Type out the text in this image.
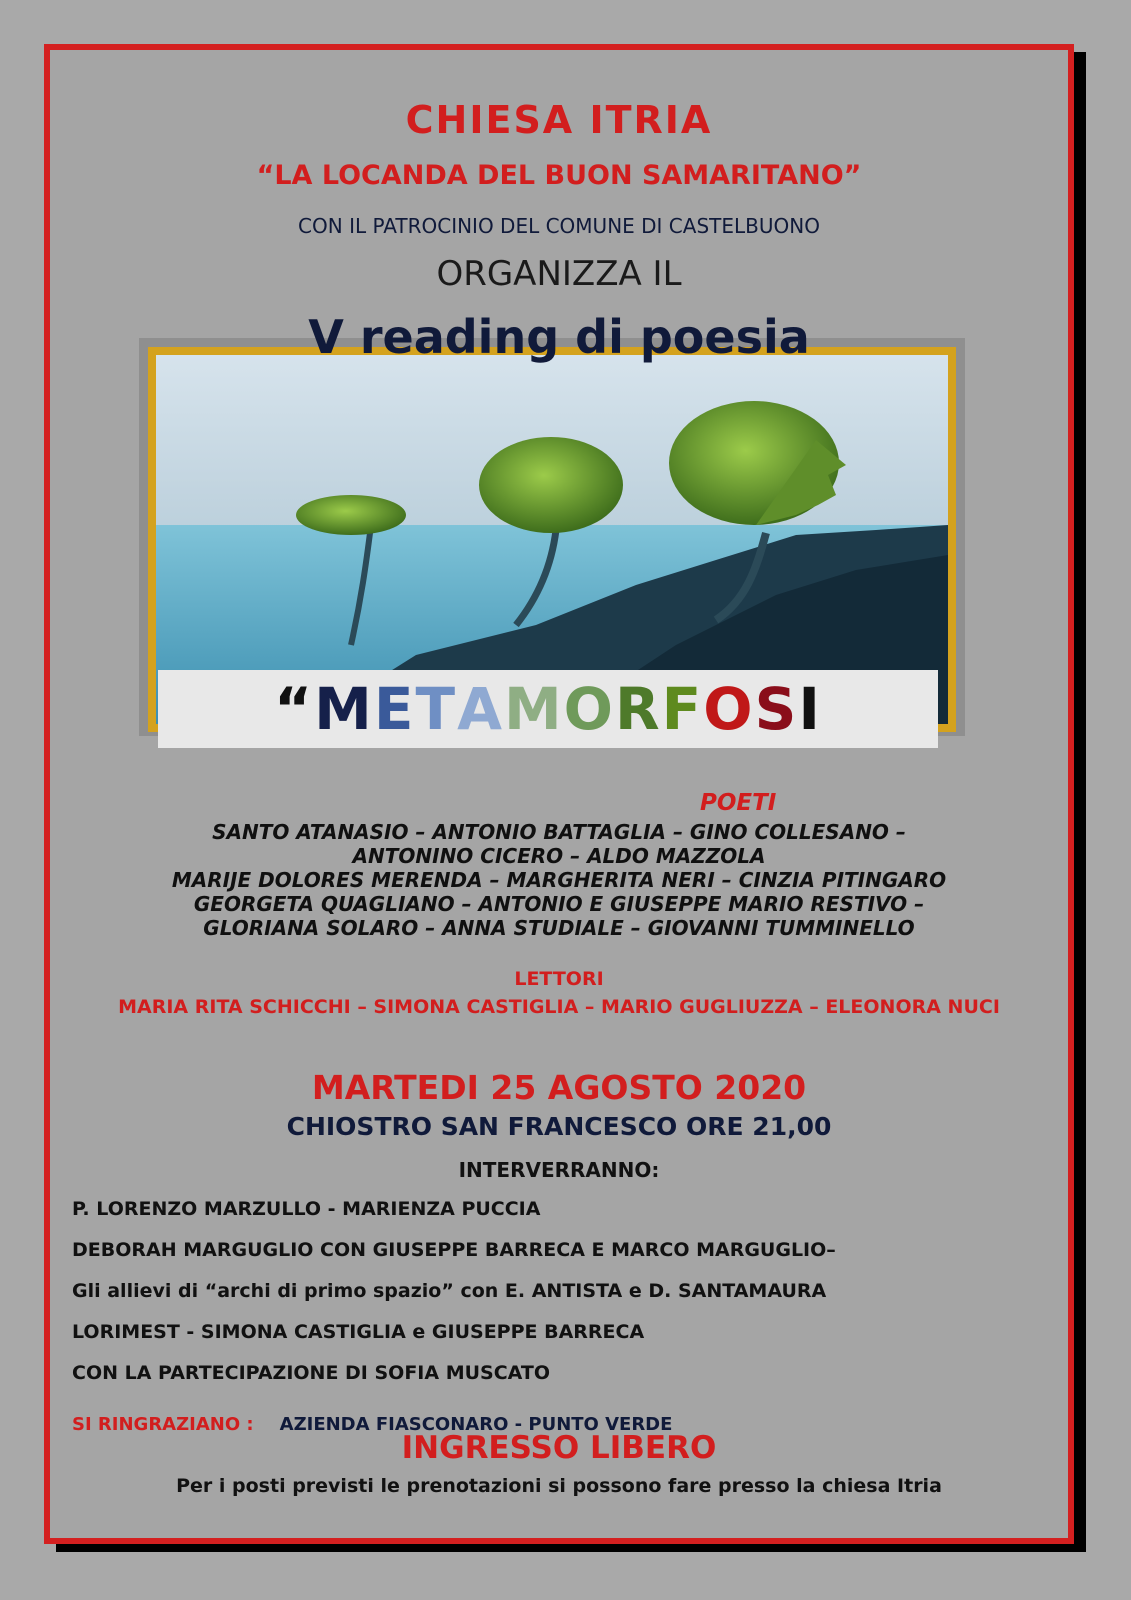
CHIESA ITRIA
“LA LOCANDA DEL BUON SAMARITANO”
CON IL PATROCINIO DEL COMUNE DI CASTELBUONO
ORGANIZZA IL
V reading di poesia
“METAMORFOSI
POETI
SANTO ATANASIO – ANTONIO BATTAGLIA – GINO COLLESANO –
ANTONINO CICERO – ALDO MAZZOLA
MARIJE DOLORES MERENDA – MARGHERITA NERI – CINZIA PITINGARO
GEORGETA QUAGLIANO – ANTONIO E GIUSEPPE MARIO RESTIVO –
GLORIANA SOLARO – ANNA STUDIALE – GIOVANNI TUMMINELLO
LETTORI
MARIA RITA SCHICCHI – SIMONA CASTIGLIA – MARIO GUGLIUZZA – ELEONORA NUCI
MARTEDI 25 AGOSTO 2020
CHIOSTRO SAN FRANCESCO ORE 21,00
INTERVERRANNO:
P. LORENZO MARZULLO - MARIENZA PUCCIA
DEBORAH MARGUGLIO CON GIUSEPPE BARRECA E MARCO MARGUGLIO–
Gli allievi di “archi di primo spazio” con E. ANTISTA e D. SANTAMAURA
LORIMEST - SIMONA CASTIGLIA e GIUSEPPE BARRECA
CON LA PARTECIPAZIONE DI SOFIA MUSCATO
SI RINGRAZIANO : AZIENDA FIASCONARO - PUNTO VERDE
INGRESSO LIBERO
Per i posti previsti le prenotazioni si possono fare presso la chiesa Itria
